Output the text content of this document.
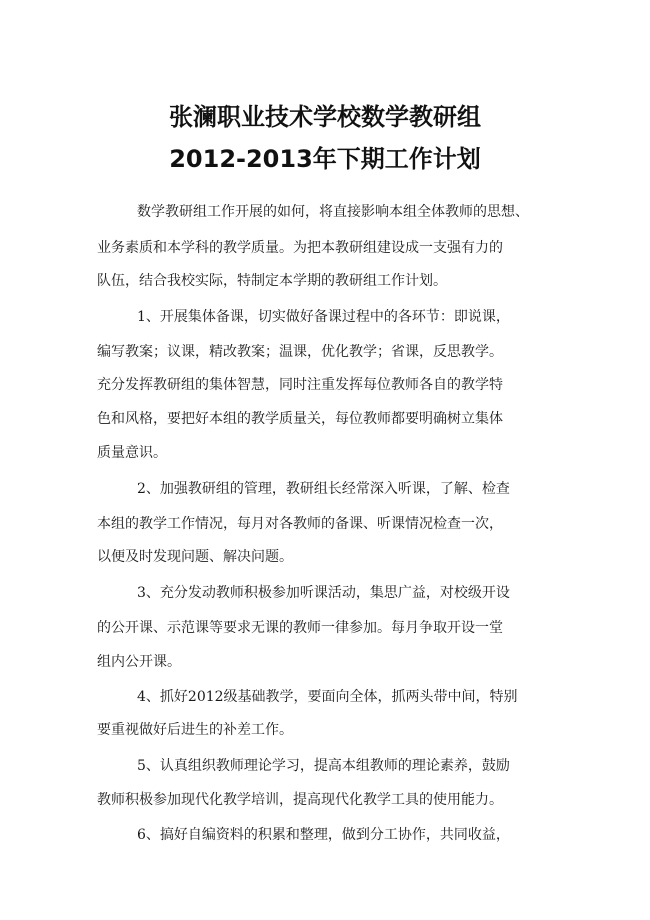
张澜职业技术学校数学教研组
2012-2013年下期工作计划
数学教研组工作开展的如何，将直接影响本组全体教师的思想、
业务素质和本学科的教学质量。为把本教研组建设成一支强有力的
队伍，结合我校实际，特制定本学期的教研组工作计划。
1、开展集体备课，切实做好备课过程中的各环节：即说课，
编写教案；议课，精改教案；温课，优化教学；省课，反思教学。
充分发挥教研组的集体智慧，同时注重发挥每位教师各自的教学特
色和风格，要把好本组的教学质量关，每位教师都要明确树立集体
质量意识。
2、加强教研组的管理，教研组长经常深入听课，了解、检查
本组的教学工作情况，每月对各教师的备课、听课情况检查一次，
以便及时发现问题、解决问题。
3、充分发动教师积极参加听课活动，集思广益，对校级开设
的公开课、示范课等要求无课的教师一律参加。每月争取开设一堂
组内公开课。
4、抓好2012级基础教学，要面向全体，抓两头带中间，特别
要重视做好后进生的补差工作。
5、认真组织教师理论学习，提高本组教师的理论素养，鼓励
教师积极参加现代化教学培训，提高现代化教学工具的使用能力。
6、搞好自编资料的积累和整理，做到分工协作，共同收益，
